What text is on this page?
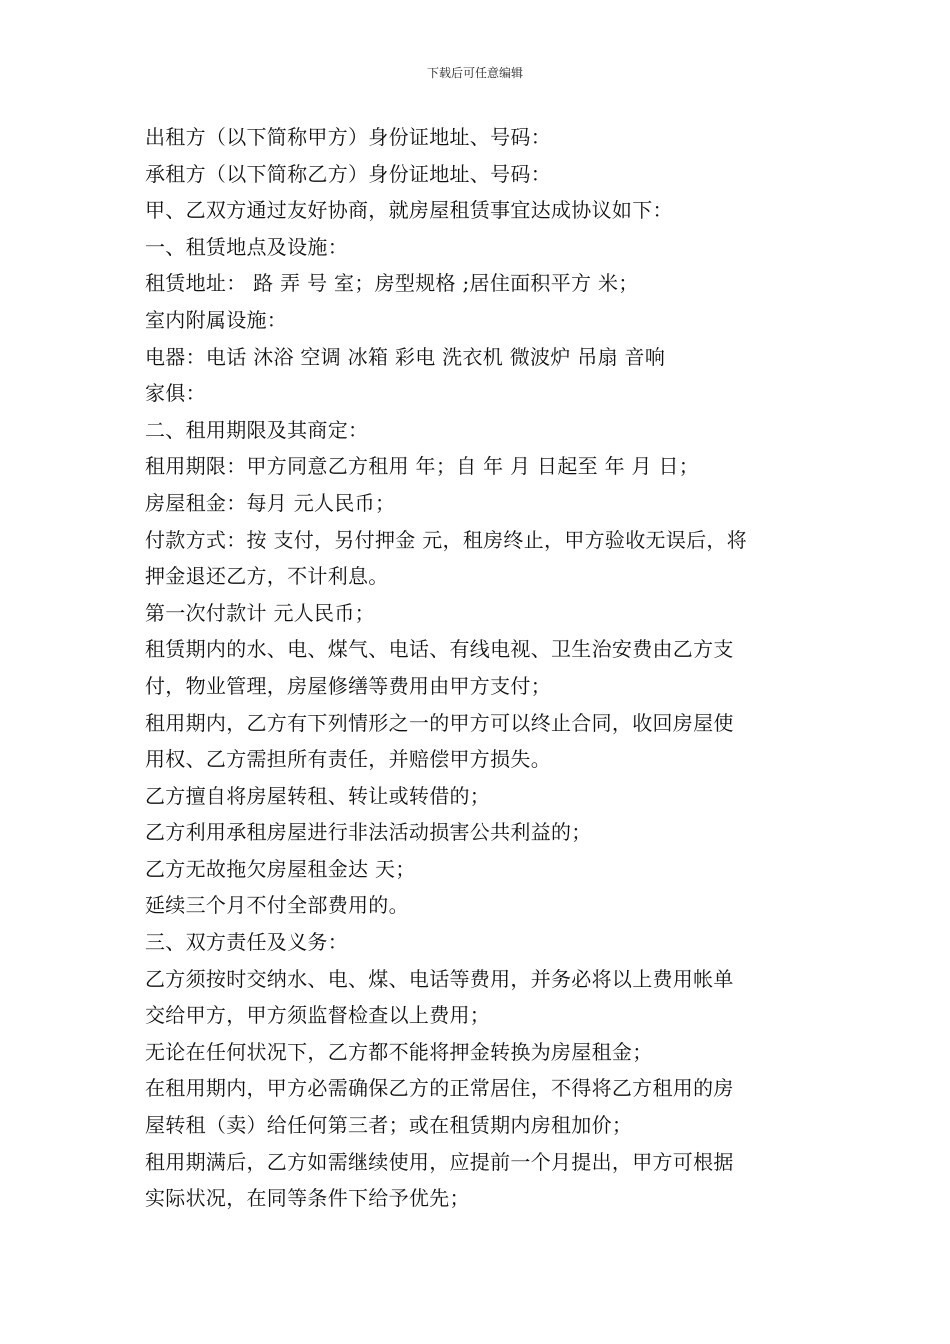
下载后可任意编辑
出租方（以下简称甲方）身份证地址、号码：
承租方（以下简称乙方）身份证地址、号码：
甲、乙双方通过友好协商，就房屋租赁事宜达成协议如下：
一、租赁地点及设施：
租赁地址： 路 弄 号 室；房型规格 ;居住面积平方 米；
室内附属设施：
电器：电话 沐浴 空调 冰箱 彩电 洗衣机 微波炉 吊扇 音响
家俱：
二、租用期限及其商定：
租用期限：甲方同意乙方租用 年；自 年 月 日起至 年 月 日；
房屋租金：每月 元人民币；
付款方式：按 支付，另付押金 元，租房终止，甲方验收无误后，将
押金退还乙方，不计利息。
第一次付款计 元人民币；
租赁期内的水、电、煤气、电话、有线电视、卫生治安费由乙方支
付，物业管理，房屋修缮等费用由甲方支付；
租用期内，乙方有下列情形之一的甲方可以终止合同，收回房屋使
用权、乙方需担所有责任，并赔偿甲方损失。
乙方擅自将房屋转租、转让或转借的；
乙方利用承租房屋进行非法活动损害公共利益的；
乙方无故拖欠房屋租金达 天；
延续三个月不付全部费用的。
三、双方责任及义务：
乙方须按时交纳水、电、煤、电话等费用，并务必将以上费用帐单
交给甲方，甲方须监督检查以上费用；
无论在任何状况下，乙方都不能将押金转换为房屋租金；
在租用期内，甲方必需确保乙方的正常居住，不得将乙方租用的房
屋转租（卖）给任何第三者；或在租赁期内房租加价；
租用期满后，乙方如需继续使用，应提前一个月提出，甲方可根据
实际状况，在同等条件下给予优先；
